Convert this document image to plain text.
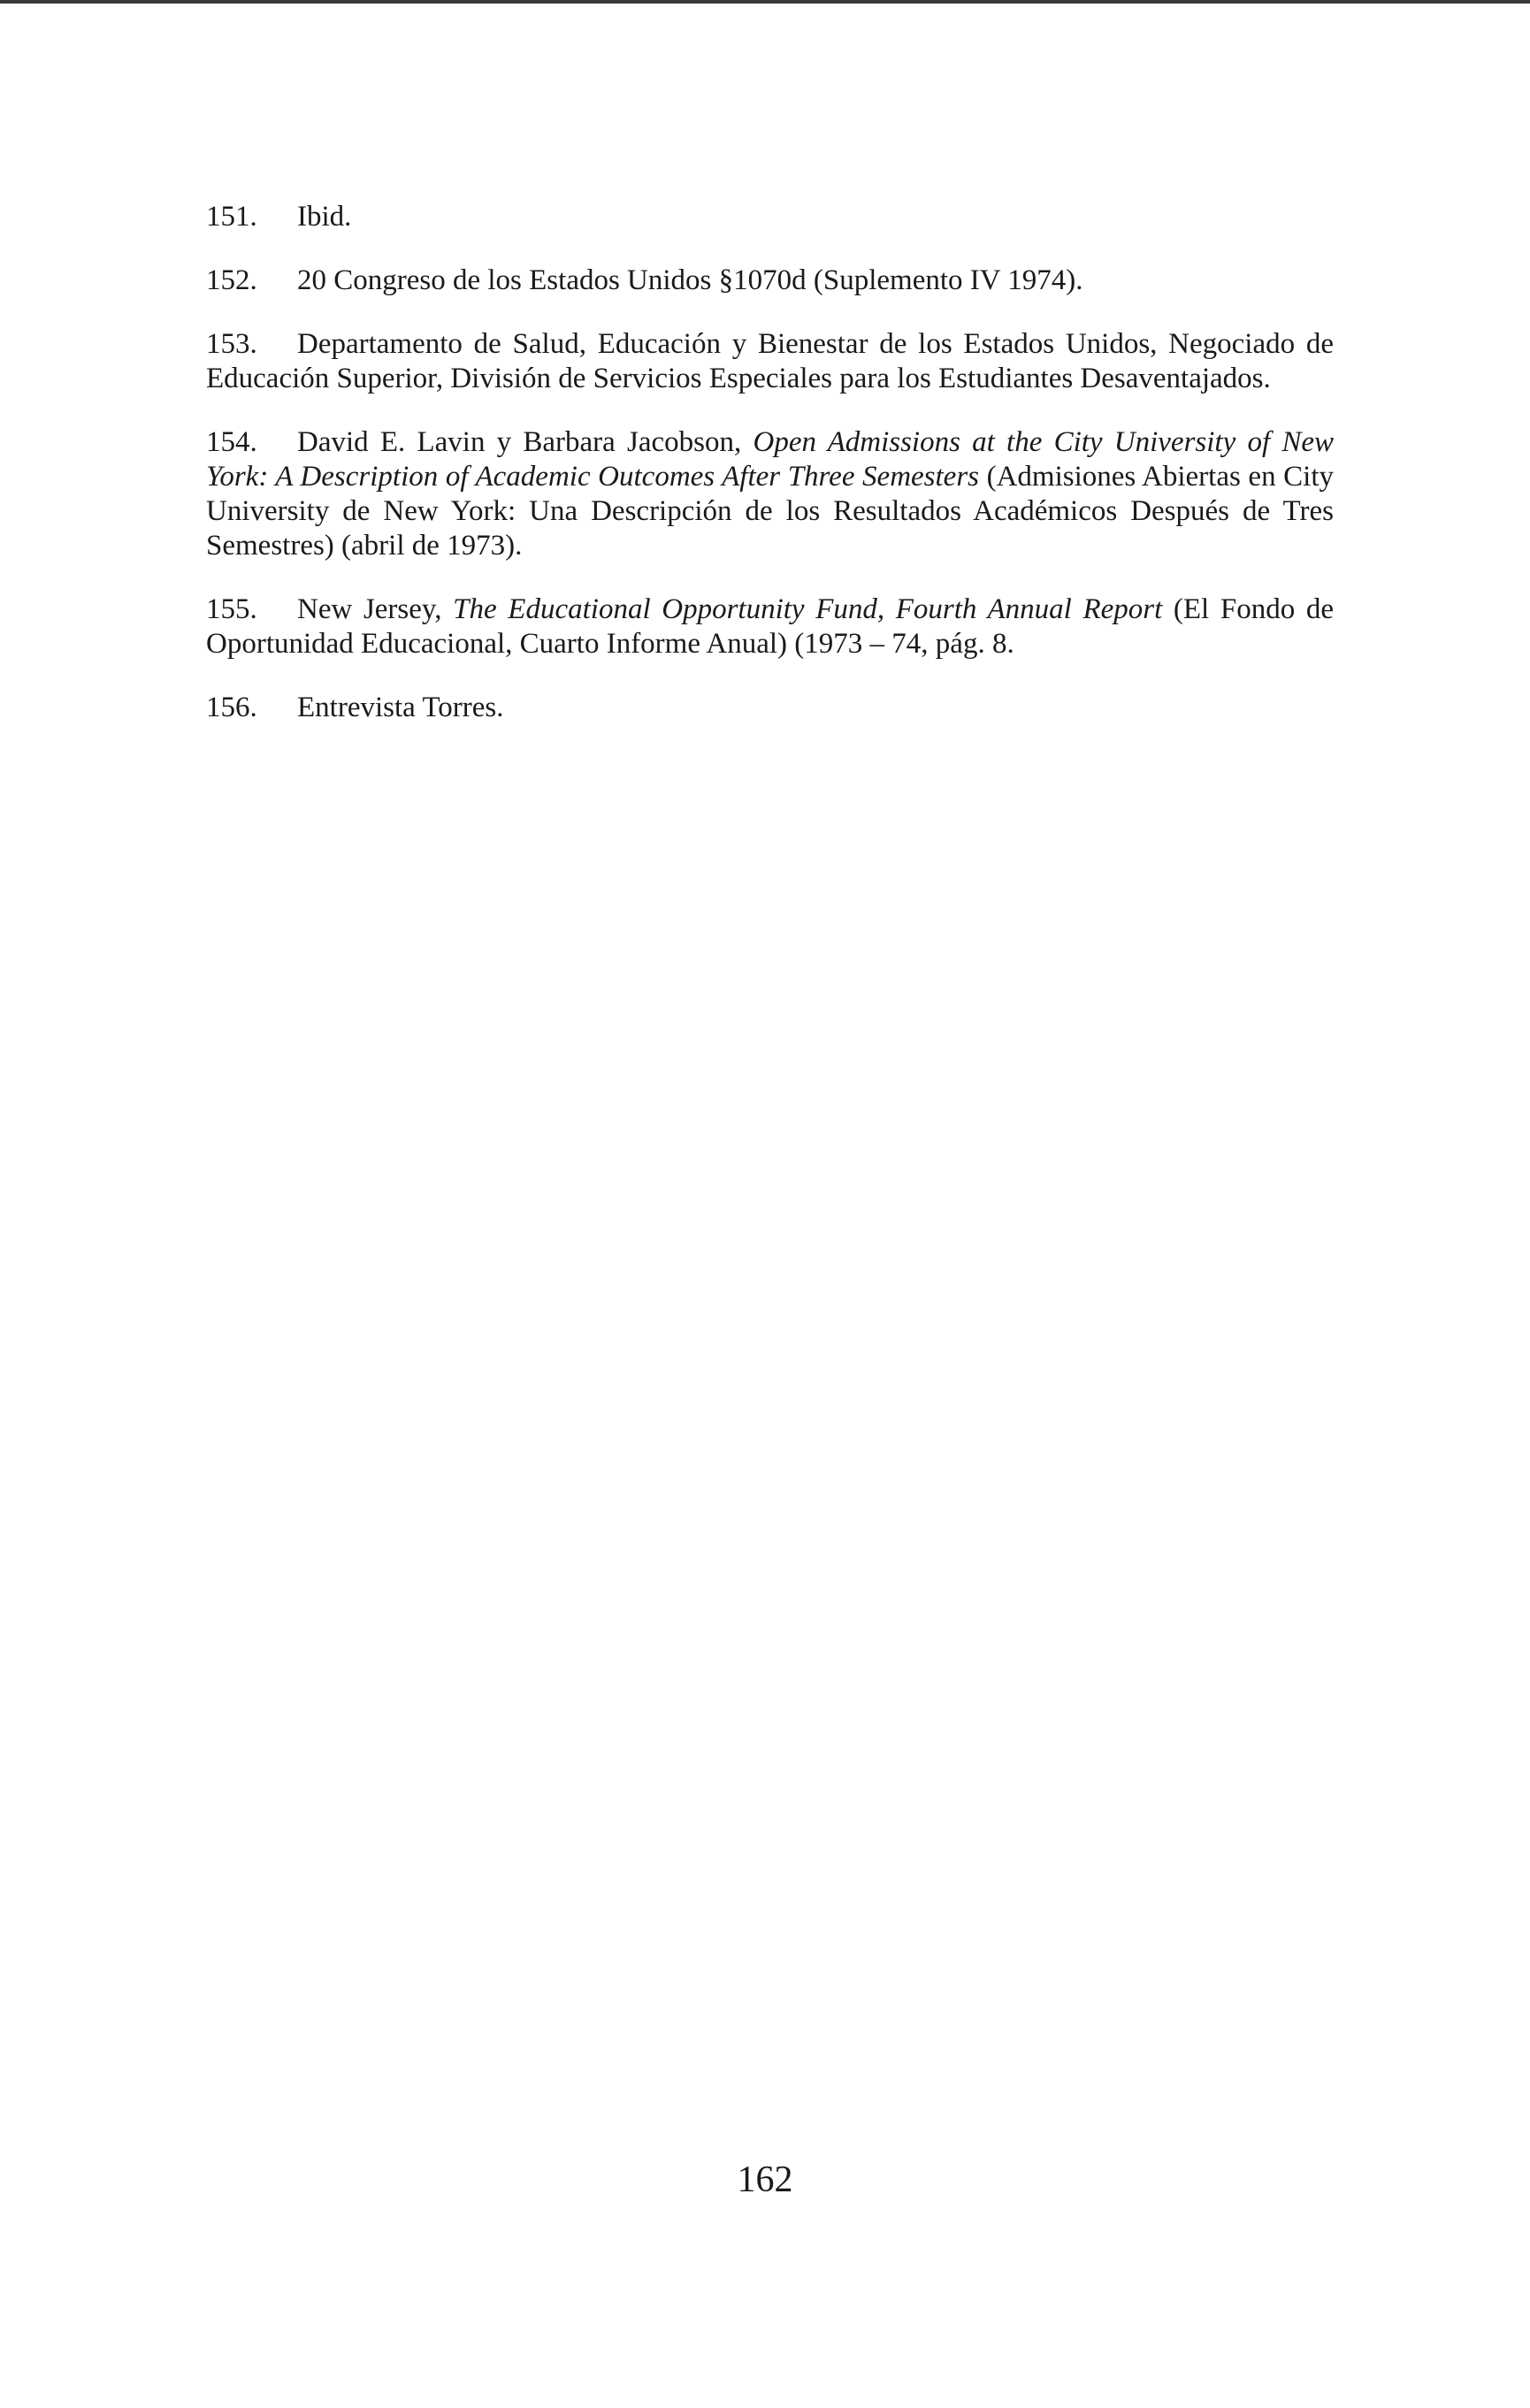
151. Ibid.

152. 20 Congreso de los Estados Unidos §1070d (Suplemento IV 1974).

153. Departamento de Salud, Educación y Bienestar de los Estados Unidos, Negociado de Educación Superior, División de Servicios Especiales para los Estudiantes Desaventajados.

154. David E. Lavin y Barbara Jacobson, Open Admissions at the City University of New York: A Description of Academic Outcomes After Three Semesters (Admisiones Abiertas en City University de New York: Una Descripción de los Resultados Académicos Después de Tres Semestres) (abril de 1973).

155. New Jersey, The Educational Opportunity Fund, Fourth Annual Report (El Fondo de Oportunidad Educacional, Cuarto Informe Anual) (1973 – 74, pág. 8.

156. Entrevista Torres.

162
